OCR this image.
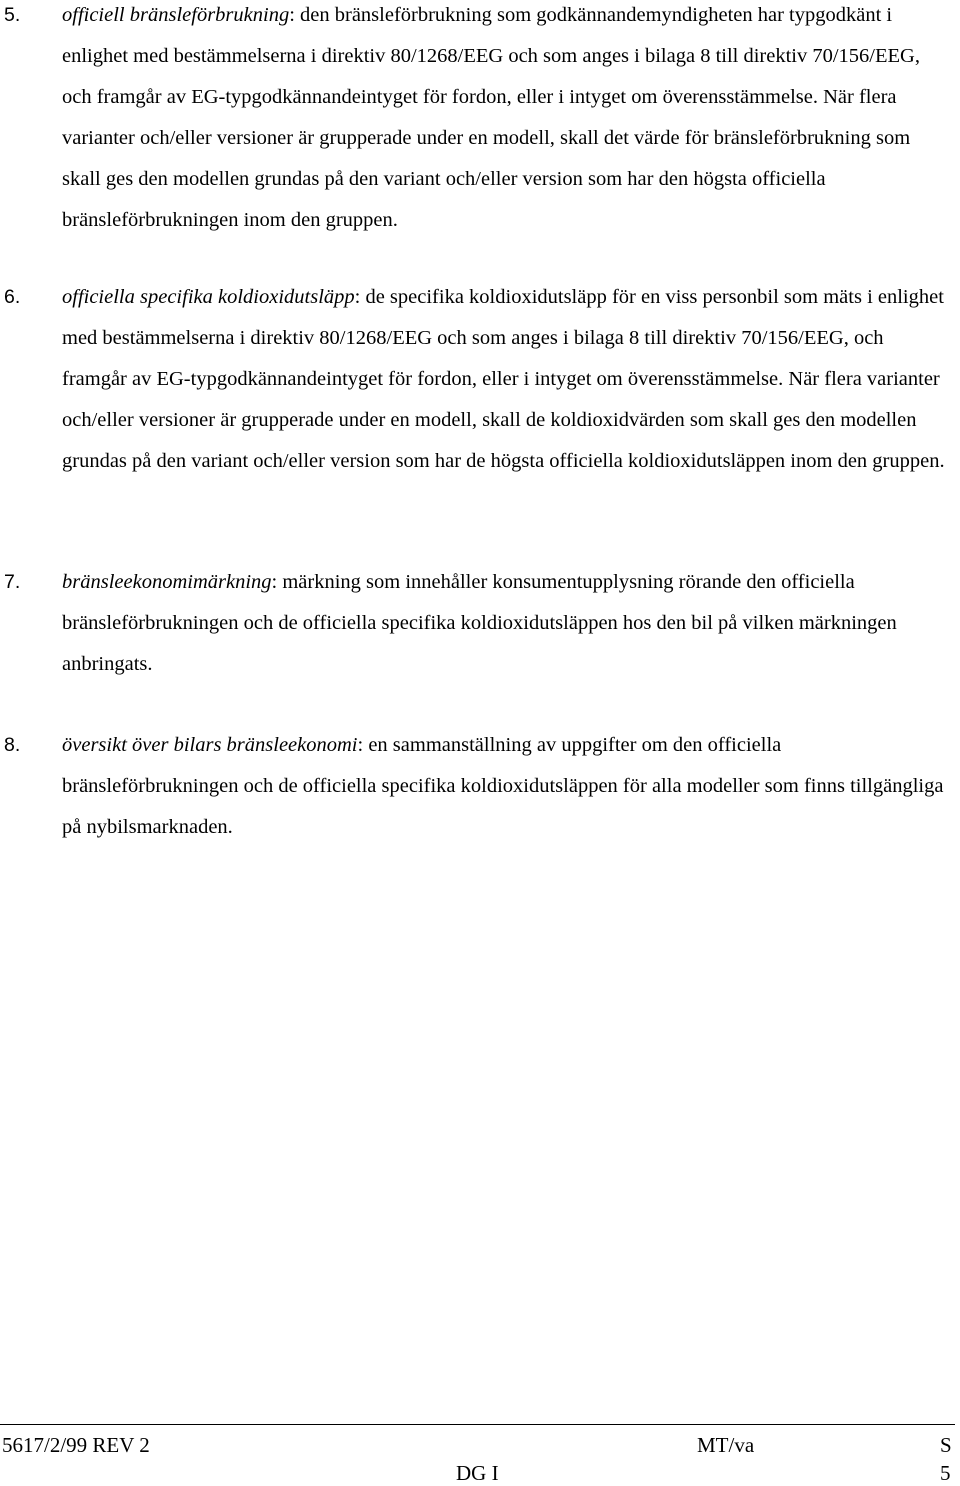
5. officiell bränsleförbrukning: den bränsleförbrukning som godkännandemyndigheten har typgodkänt i enlighet med bestämmelserna i direktiv 80/1268/EEG och som anges i bilaga 8 till direktiv 70/156/EEG, och framgår av EG-typgodkännandeintyget för fordon, eller i intyget om överensstämmelse. När flera varianter och/eller versioner är grupperade under en modell, skall det värde för bränsleförbrukning som skall ges den modellen grundas på den variant och/eller version som har den högsta officiella bränsleförbrukningen inom den gruppen.
6. officiella specifika koldioxidutsläpp: de specifika koldioxidutsläpp för en viss personbil som mäts i enlighet med bestämmelserna i direktiv 80/1268/EEG och som anges i bilaga 8 till direktiv 70/156/EEG, och framgår av EG-typgodkännandeintyget för fordon, eller i intyget om överensstämmelse. När flera varianter och/eller versioner är grupperade under en modell, skall de koldioxidvärden som skall ges den modellen grundas på den variant och/eller version som har de högsta officiella koldioxidutsläppen inom den gruppen.
7. bränsleekonomimärkning: märkning som innehåller konsumentupplysning rörande den officiella bränsleförbrukningen och de officiella specifika koldioxidutsläppen hos den bil på vilken märkningen anbringats.
8. översikt över bilars bränsleekonomi: en sammanställning av uppgifter om den officiella bränsleförbrukningen och de officiella specifika koldioxidutsläppen för alla modeller som finns tillgängliga på nybilsmarknaden.
5617/2/99 REV 2	MT/va	S
DG I	5
